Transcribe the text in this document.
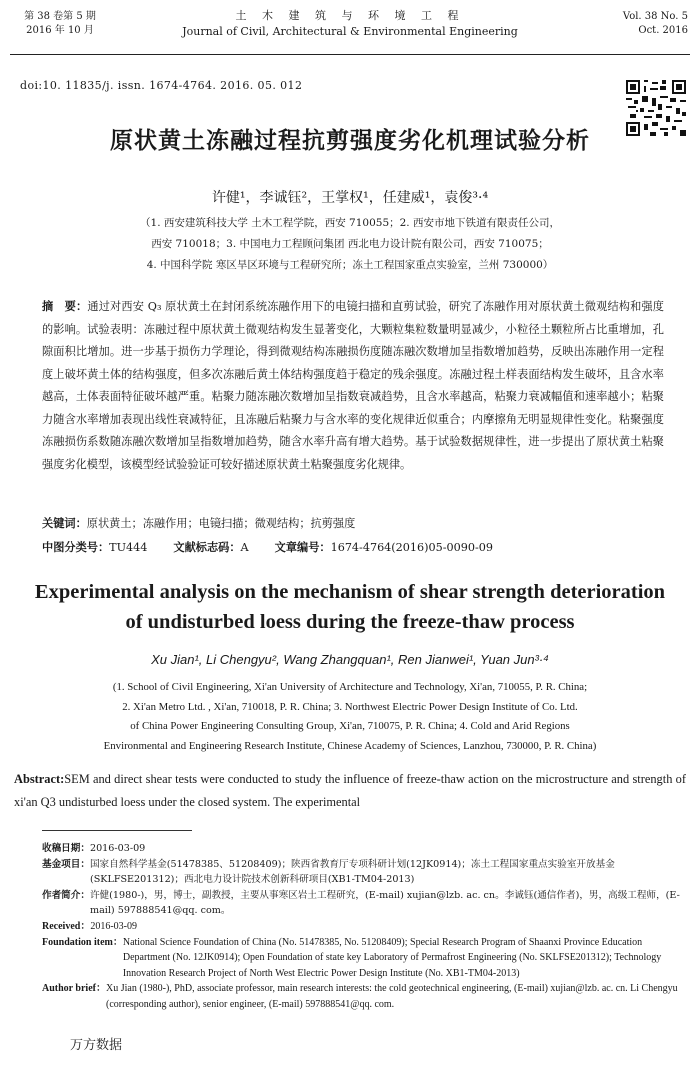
第 38 卷第 5 期
2016 年 10 月
土 木 建 筑 与 环 境 工 程
Journal of Civil, Architectural & Environmental Engineering
Vol. 38 No. 5
Oct. 2016
doi:10. 11835/j. issn. 1674-4764. 2016. 05. 012
原状黄土冻融过程抗剪强度劣化机理试验分析
许健¹，李诚钰²，王掌权¹，任建威¹，袁俊³·⁴
（1. 西安建筑科技大学 土木工程学院，西安 710055；2. 西安市地下铁道有限责任公司，
西安 710018；3. 中国电力工程顾问集团 西北电力设计院有限公司，西安 710075；
4. 中国科学院 寒区旱区环境与工程研究所；冻土工程国家重点实验室，兰州 730000）
摘　要：通过对西安 Q₃ 原状黄土在封闭系统冻融作用下的电镜扫描和直剪试验，研究了冻融作用对原状黄土微观结构和强度的影响。试验表明：冻融过程中原状黄土微观结构发生显著变化，大颗粒集粒数量明显减少，小粒径土颗粒所占比重增加，孔隙面积比增加。进一步基于损伤力学理论，得到微观结构冻融损伤度随冻融次数增加呈指数增加趋势，反映出冻融作用一定程度上破坏黄土体的结构强度，但多次冻融后黄土体结构强度趋于稳定的残余强度。冻融过程土样表面结构发生破坏，且含水率越高，土体表面特征破坏越严重。粘聚力随冻融次数增加呈指数衰减趋势，且含水率越高，粘聚力衰减幅值和速率越小；粘聚力随含水率增加表现出线性衰减特征，且冻融后粘聚力与含水率的变化规律近似重合；内摩擦角无明显规律性变化。粘聚强度冻融损伤系数随冻融次数增加呈指数增加趋势，随含水率升高有增大趋势。基于试验数据规律性，进一步提出了原状黄土粘聚强度劣化模型，该模型经试验验证可较好描述原状黄土粘聚强度劣化规律。
关键词：原状黄土；冻融作用；电镜扫描；微观结构；抗剪强度
中图分类号：TU444 文献标志码：A 文章编号：1674-4764(2016)05-0090-09
Experimental analysis on the mechanism of shear strength deterioration of undisturbed loess during the freeze-thaw process
Xu Jian¹, Li Chengyu², Wang Zhangquan¹, Ren Jianwei¹, Yuan Jun³·⁴
(1. School of Civil Engineering, Xi'an University of Architecture and Technology, Xi'an, 710055, P. R. China;
2. Xi'an Metro Ltd. , Xi'an, 710018, P. R. China; 3. Northwest Electric Power Design Institute of Co. Ltd.
of China Power Engineering Consulting Group, Xi'an, 710075, P. R. China; 4. Cold and Arid Regions
Environmental and Engineering Research Institute, Chinese Academy of Sciences, Lanzhou, 730000, P. R. China)
Abstract:SEM and direct shear tests were conducted to study the influence of freeze-thaw action on the microstructure and strength of xi'an Q3 undisturbed loess under the closed system. The experimental
收稿日期： 2016-03-09
基金项目： 国家自然科学基金(51478385、51208409)；陕西省教育厅专项科研计划(12JK0914)；冻土工程国家重点实验室开放基金(SKLFSE201312)；西北电力设计院技术创新科研项目(XB1-TM04-2013)
作者简介： 许健(1980-)，男，博士，副教授，主要从事寒区岩土工程研究，(E-mail) xujian@lzb. ac. cn。李诚钰(通信作者)，男，高级工程师，(E-mail) 597888541@qq. com。
Received： 2016-03-09
Foundation item： National Science Foundation of China (No. 51478385, No. 51208409); Special Research Program of Shaanxi Province Education Department (No. 12JK0914); Open Foundation of state key Laboratory of Permafrost Engineering (No. SKLFSE201312); Technology Innovation Research Project of North West Electric Power Design Institute (No. XB1-TM04-2013)
Author brief： Xu Jian (1980-), PhD, associate professor, main research interests: the cold geotechnical engineering, (E-mail) xujian@lzb. ac. cn. Li Chengyu (corresponding author), senior engineer, (E-mail) 597888541@qq. com.
万方数据
